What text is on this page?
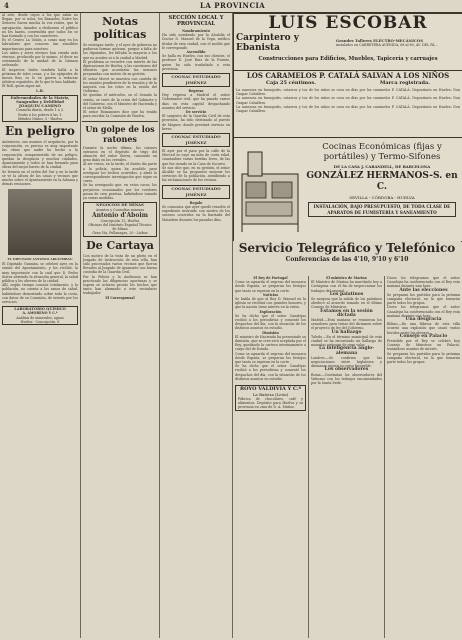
4	LA PROVINCIA
al arte, desde cuyos a los que sabía no llegan, por si solos, los llamados. Entre los Señores Saenz mucha la voz reales, que la agrupación. Amadeo a dedicaron el público no les harán, convendría que todos los se han formado y con los caracteres.
Es el Centro La Unión, a cosas muy en los labradores que conocen tan sensibles importancias para nosotros.
Los niños y seres eternos han creado más eternos, producido por lo mismo, el decir no ostentando de la unidad de la Cámara ordenado.
El inspector, Isidro también halla a la próxima de tales cosas, y a los epígrafes de meses fino, es lo en guerra a redactar árbitros españoles, de lo que le han hablado.
El Roll, quien sigue así.
L.H.
Enfermedades de la Matriz, Sangrados y Debilidad
JOAQUIN CAMINO
Consulta diaria, desde 1 a 3.
Gratis á los pobres á las 1.
Méndez Núñez, 5 - Huelva
En peligro
Anteriores, sus asuntos el arquitecto, por la corporación, es preciso es muy importante las obras que nadie ha hecho a la corporación comprometida de un peligro, quedan la desgracia y muchos cuidados. Ayuntamiento y todos se han formado para obras del mejor barrio de la ciudad.
Se levanta en el orden del Sur y en la tarde se ve la altura de las casas y vecinos que mucho sobre el Ayuntamiento en la Aduana y demás reuniones.
EL DIPUTADO ANTONIO ARGUIMBAU
El Diputado Guzmán, se celebró ayer, en la sesión del Ayuntamiento, y los recibió, la muy importante con la cual que D. Pedro Sierra abriendo la situación general, la salud pública y los obreros de la ciudad.
Allí, según tiempo conocía totalmente, y la población, no cuenta a los sanos de salud, habiéndose demostrado sobre toda la costa, con datos de su Comisión, de interés por los servicios.
LABORATORIO QUÍMICO
A. AMORENO Y C.ª
Análisis de minerales, aguas
Huelva - Concepción, 8
Notas políticas
Se entregan tarde, y el ayer de gobierno no pudieron formar quórum, porque a falta de los diputados, les faltaba la mayoría a los que no acuden ni a la ciudad a Madrid.
El problema se revuelve con interés de las diputaciones de Huelva, y las cuestiones del Ministro que acordaron las sesiones preparadas con motivo de su gestión.
El señor Moret se muestra con cautela de los asuntos pendientes de la reunión y de la mayoría con los votos en la sesión del Gobierno.
Se quedan el miércoles, en el Senado la sesión, se trató de la crisis del Gabinete y del Gobierno, con el Ministro de Hacienda y el señor de Mella.
El señor Romanones dice que ha tenido para escribir, la Comisión de Huelva.
Un golpe de los ratones
Durante la noche última, los ratones entraron en el depósito de trigo del almacén del señor Sierra, causando un gran daño en los cereales.
Al ser vistos, en la tarde, el dueño dio parte a la policía, quien ha acudido para averiguar los hechos ocurridos, y abrió la correspondiente investigación que sigue su curso.
Se ha averiguado que, en estos casos, los perjuicios ocasionados por los roedores pasan de cien pesetas, habiéndose tomado ya varias medidas.
NEGOCIOS DE MINAS
Asuntos y Consultas mineras
Antonio d'Aboim
Concepción 12, Huelva
Oficinas del Instituto Español Técnico de Minas
Gran Vía, Pellanagas, 20 - Lisboa
De Cartaya
Con motivo de la vista de un pleito en el Juzgado de Instrucción de esta villa, han sido procesados varios vecinos que fueron llevados al Juzgado de Ayamonte con buena custodia de la Guardia Civil.
Por la Policía y la Audiencia se han practicado las diligencias oportunas y se espera se aclaren pronto los hechos que tanto han alarmado a este vecindario trabajador.
El Corresponsal
SECCIÓN LOCAL Y PROVINCIAL
Nombramiento
Ha sido nombrado por la Alcaldía el Doctor D. Manuel de la Vega, médico titular de esta ciudad, con el sueldo que le corresponde.
Ascendido
Se halla en Huelva, con sus clientes, el profesor D. José Ruiz de la Fuente, quien ha sido trasladado a esta provincia.
COGNAC ESTUDIADO JIMÉNEZ
Regreso
Hoy regresa a Madrid el señor Gobernador civil, que ha pasado varios días en esta capital despachando asuntos del servicio.
De servicio
El sargento de la Guardia Civil de esta provincia, ha sido destinado al puesto de Moguer, donde prestará servicio en breve.
COGNAC ESTUDIADO JIMÉNEZ
El ayer por el paso por la calle de la Merced se cayó un niño de corta edad, causándose varias heridas leves, de las que fue curado en la Casa de Socorro.
Se nos dice que, en su gestión, el señor Alcalde se ha propuesto mejorar los servicios de la población, atendiendo a las reclamaciones de los vecinos.
COGNAC ESTUDIADO JIMÉNEZ
Regalo
Se comunica que ayer quedó resuelto el expediente instruido con motivo de los sucesos ocurridos en la barriada del Matadero durante los pasados días.
LUIS ESCOBAR
Carpintero y Ebanista
Grandes Talleres ELÉCTRO-MECÁNICOS
instalados en CARRETERA AVENIDA, 68 al 80, AV. DEL PÁ...
Construcciones para Edificios, Muebles, Tapicería y carruajes
LOS CARAMELOS P. CATALÁ SALVAN A LOS NIÑOS
Caja 25 céntimos.	Marca registrada.
La ausencia en bronquitis, catarros y tos de los niños se cura en días por los caramelos P. CATALÁ. Depositario en Huelva: Don Gaspar Caballero.
La ausencia en bronquitis, catarros y tos de los niños se cura en días por los caramelos P. CATALÁ. Depositario en Huelva: Don Gaspar Caballero.
La ausencia en bronquitis, catarros y tos de los niños se cura en días por los caramelos P. CATALÁ. Depositario en Huelva: Don Gaspar Caballero.
Cocinas Económicas (fijas y portátiles) y Termo-Sifones
DE LA CASA J. CARANDELL, DE BARCELONA
GONZÁLEZ HERMANOS-S. en C.
SEVILLA - CÓRDOBA - HUELVA
INSTALACIÓN, BAJO PRESUPUESTO, DE TODA CLASE DE APARATOS DE FUMISTERÍA Y SANEAMIENTO
Servicio Telegráfico y Telefónico
Conferencias de las 4'10, 9'10 y 6'10
El Rey de Portugal
Como se aguarda el regreso del monarca desde España, se preparan los festejos que tanto se esperan en la corte.
Noticias
Se habla de que al Rey D. Manuel en la iglesia se recibirá con grandes honores, y que la nación tiene interés en la visita.
Exploración
Se ha dicho que el señor Canalejas recibió a los periodistas y comentó los despachos del día, con la situación de los distintos asuntos en estudio.
Dimisión
El ministro de Hacienda ha presentado su dimisión, que se cree será aceptada por el Rey, quedando la cartera interinamente a cargo del de Estado.
Como se aguarda el regreso del monarca desde España, se preparan los festejos que tanto se esperan en la corte.
Se ha dicho que el señor Canalejas recibió a los periodistas y comentó los despachos del día, con la situación de los distintos asuntos en estudio.
ROYO VALDIVIA Y C.ª
La Bañeza (León)
Fábrica de chocolates, café y alimentos. Depósito para Huelva y su provincia en casa de D. A. Muñoz.
El ministro de Marina
El Ministro de Marina ha marchado hoy a Cartagena con el fin de inspeccionar los trabajos del arsenal.
Los palatinos
Se asegura que la salida de los palatinos obedece al acuerdo tomado en el último Consejo de Ministros.
Estamos en la sesión dictada
Madrid.—Esta mañana se reunieron los senadores para tratar del dictamen sobre el proyecto de ley del Gobierno.
Un hallazgo
Toledo.—En el término municipal de esta ciudad se ha encontrado un hallazgo de monedas antiguas de gran valor.
La inteligencia anglo-alemana
Londres.—Se confirma que las negociaciones entre Inglaterra y Alemania siguen su curso favorable.
Los observadores
Roma.—Continúan los observadores del Vaticano con los trabajos encomendados por la Santa Sede.
Dicen los telegramas que el señor Canalejas ha conferenciado con el Rey esta mañana durante una hora.
Ante las elecciones
Se preparan los partidos para la próxima campaña electoral, en la que tomarán parte todos los grupos.
Dicen los telegramas que el señor Canalejas ha conferenciado con el Rey esta mañana durante una hora.
Una desgracia
Bilbao.—En una fábrica de esta villa ocurrió una explosión que causó varios heridos entre los obreros.
Consejo en Palacio
Presidido por el Rey se celebró hoy Consejo de Ministros en Palacio, tratándose asuntos de interés.
Se preparan los partidos para la próxima campaña electoral, en la que tomarán parte todos los grupos.
